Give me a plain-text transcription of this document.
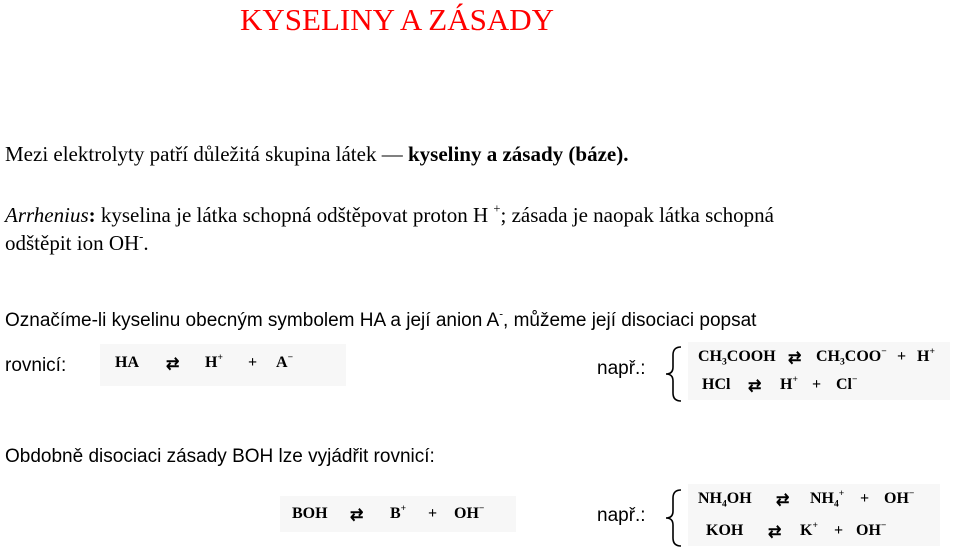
KYSELINY A ZÁSADY
Mezi elektrolyty patří důležitá skupina látek — kyseliny a zásady (báze).
Arrhenius: kyselina je látka schopná odštěpovat proton H +; zásada je naopak látka schopná
odštěpit ion OH-.
Označíme-li kyselinu obecným symbolem HA a její anion A-, můžeme její disociaci popsat
rovnicí:	HA ⇄ H+ + A−
např.:
$CH_3COOH$ ⇄ $CH_3COO^- + H^+$
HCl ⇄ H+ + Cl−
Obdobně disociaci zásady BOH lze vyjádřit rovnicí:
BOH ⇄ B+ + OH−	např.:
$NH_4OH$ ⇄ $NH_4^+ + OH^-$
KOH ⇄ K+ + OH−
